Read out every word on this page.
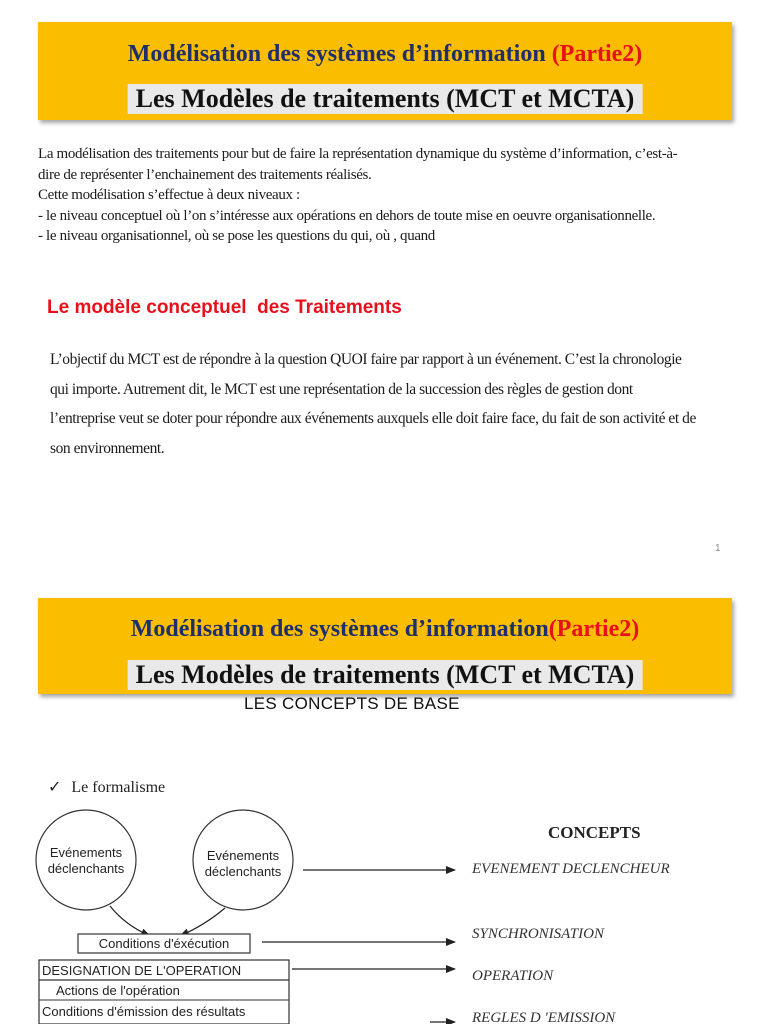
Modélisation des systèmes d’information (Partie2)
Les Modèles de traitements (MCT et MCTA)

La modélisation des traitements pour but de faire la représentation dynamique du système d’information, c’est-à-

dire de représenter l’enchainement des traitements réalisés.

Cette modélisation s’effectue à deux niveaux :

- le niveau conceptuel où l’on s’intéresse aux opérations en dehors de toute mise en oeuvre organisationnelle.

- le niveau organisationnel, où se pose les questions du qui, où , quand

Le modèle conceptuel  des Traitements
L’objectif du MCT est de répondre à la question QUOI faire par rapport à un événement. C’est la chronologie
qui importe. Autrement dit, le MCT est une représentation de la succession des règles de gestion dont
l’entreprise veut se doter pour répondre aux événements auxquels elle doit faire face, du fait de son activité et de
son environnement.
1
Modélisation des systèmes d’information(Partie2)
Les Modèles de traitements (MCT et MCTA)
LES CONCEPTS DE BASE
✓ Le formalisme
Evénements
déclenchants
Evénements
déclenchants
Conditions d'éxécution
DESIGNATION DE L'OPERATION
Actions de l'opération
Conditions d'émission des résultats
CONCEPTS
EVENEMENT DECLENCHEUR
SYNCHRONISATION
OPERATION
REGLES D 'EMISSION
